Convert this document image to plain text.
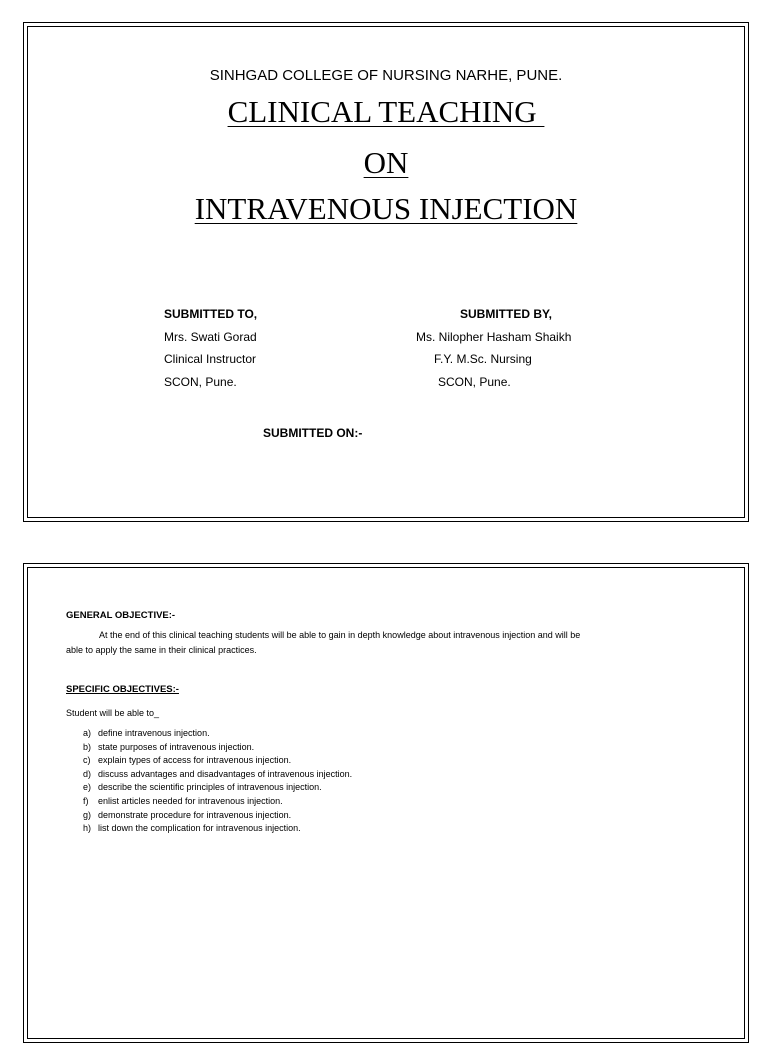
SINHGAD COLLEGE OF NURSING NARHE, PUNE.
CLINICAL TEACHING
ON
INTRAVENOUS INJECTION
SUBMITTED TO,
Mrs. Swati Gorad
Clinical Instructor
SCON, Pune.
SUBMITTED BY,
Ms. Nilopher Hasham Shaikh
F.Y. M.Sc. Nursing
SCON, Pune.
SUBMITTED ON:-
GENERAL OBJECTIVE:-
At the end of this clinical teaching students will be able to gain in depth knowledge about intravenous injection and will be
able to apply the same in their clinical practices.
SPECIFIC OBJECTIVES:-
Student will be able to_
a) define intravenous injection.
b) state purposes of intravenous injection.
c) explain types of access for intravenous injection.
d) discuss advantages and disadvantages of intravenous injection.
e) describe the scientific principles of intravenous injection.
f) enlist articles needed for intravenous injection.
g) demonstrate procedure for intravenous injection.
h) list down the complication for intravenous injection.
